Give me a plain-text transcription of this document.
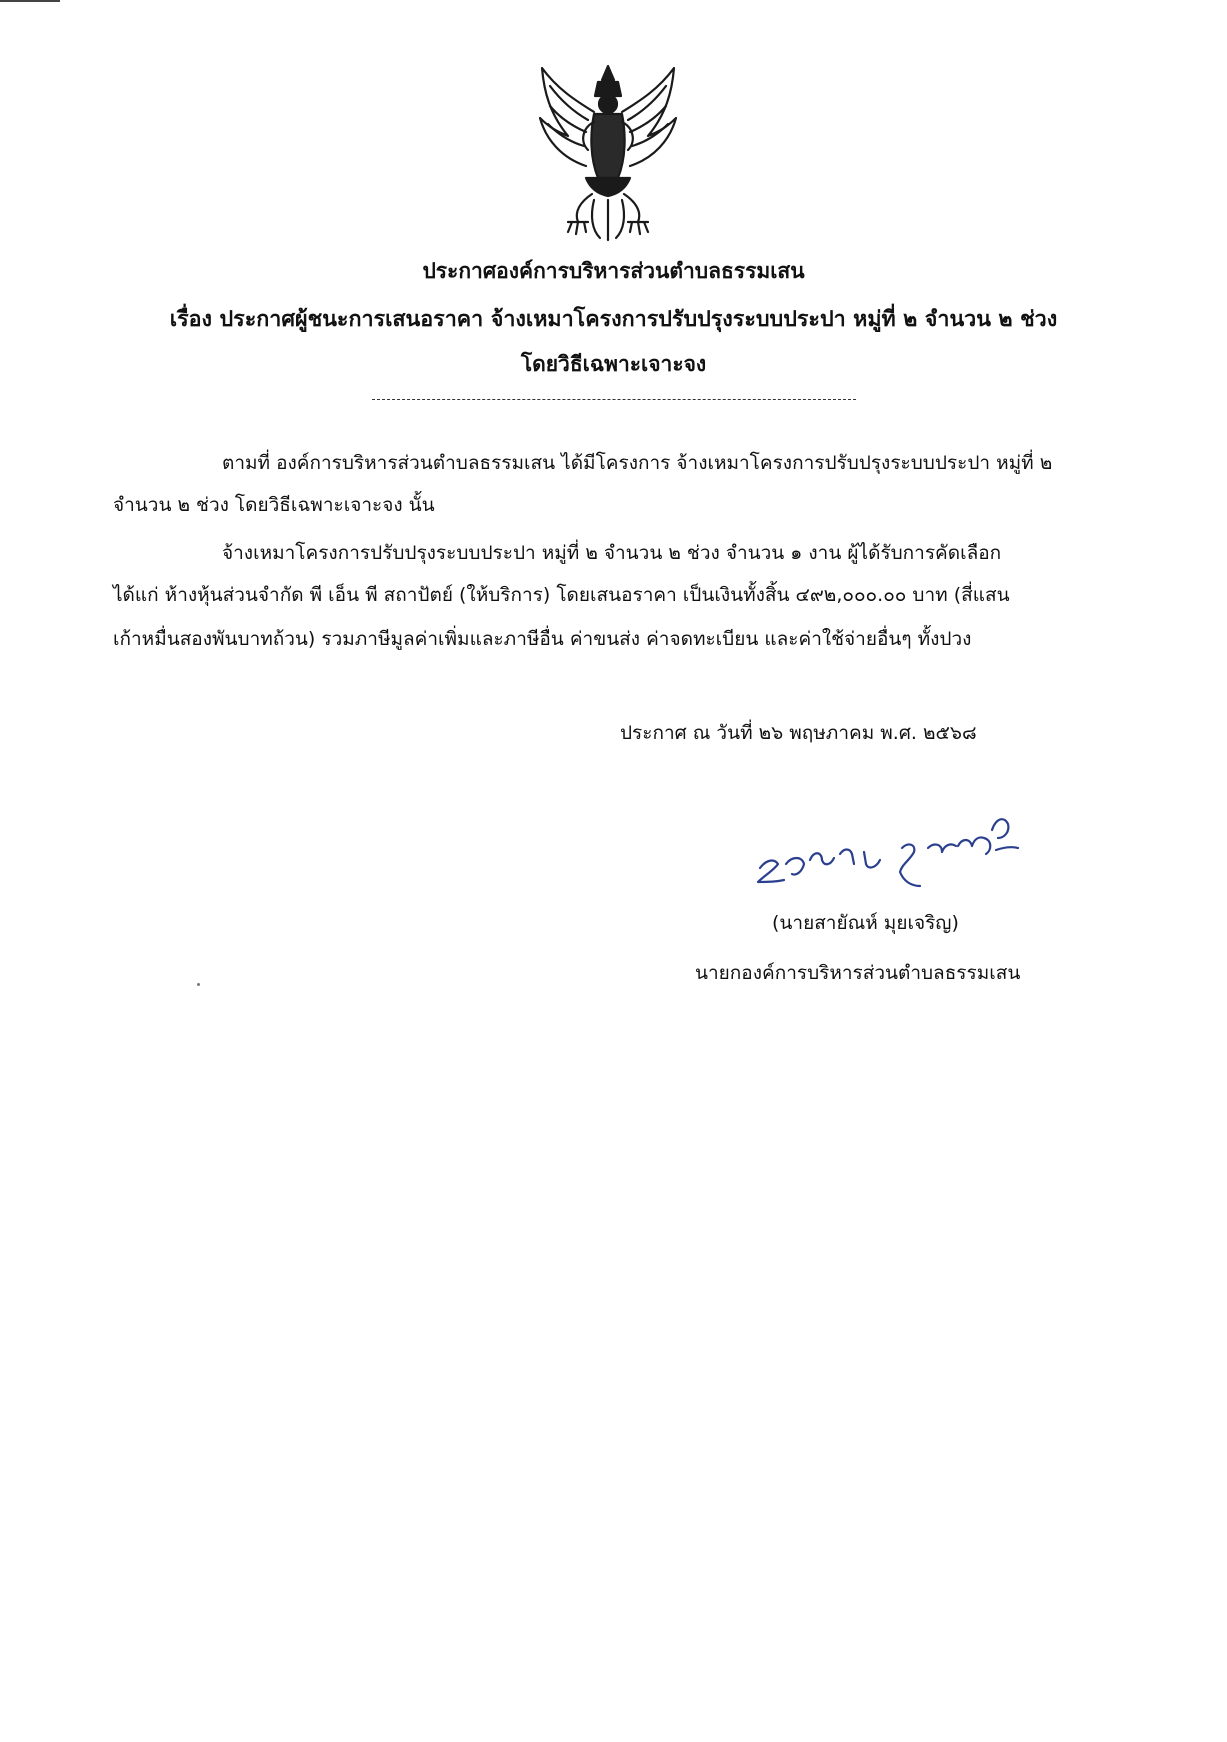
ประกาศองค์การบริหารส่วนตำบลธรรมเสน
เรื่อง ประกาศผู้ชนะการเสนอราคา จ้างเหมาโครงการปรับปรุงระบบประปา หมู่ที่ ๒ จำนวน ๒ ช่วง
โดยวิธีเฉพาะเจาะจง
ตามที่ องค์การบริหารส่วนตำบลธรรมเสน ได้มีโครงการ จ้างเหมาโครงการปรับปรุงระบบประปา หมู่ที่ ๒
จำนวน ๒ ช่วง โดยวิธีเฉพาะเจาะจง นั้น
จ้างเหมาโครงการปรับปรุงระบบประปา หมู่ที่ ๒ จำนวน ๒ ช่วง จำนวน ๑ งาน ผู้ได้รับการคัดเลือก
ได้แก่ ห้างหุ้นส่วนจำกัด พี เอ็น พี สถาปัตย์ (ให้บริการ) โดยเสนอราคา เป็นเงินทั้งสิ้น ๔๙๒,๐๐๐.๐๐ บาท (สี่แสน
เก้าหมื่นสองพันบาทถ้วน) รวมภาษีมูลค่าเพิ่มและภาษีอื่น ค่าขนส่ง ค่าจดทะเบียน และค่าใช้จ่ายอื่นๆ ทั้งปวง
ประกาศ ณ วันที่ ๒๖ พฤษภาคม พ.ศ. ๒๕๖๘
(นายสายัณห์ มุยเจริญ)
นายกองค์การบริหารส่วนตำบลธรรมเสน
